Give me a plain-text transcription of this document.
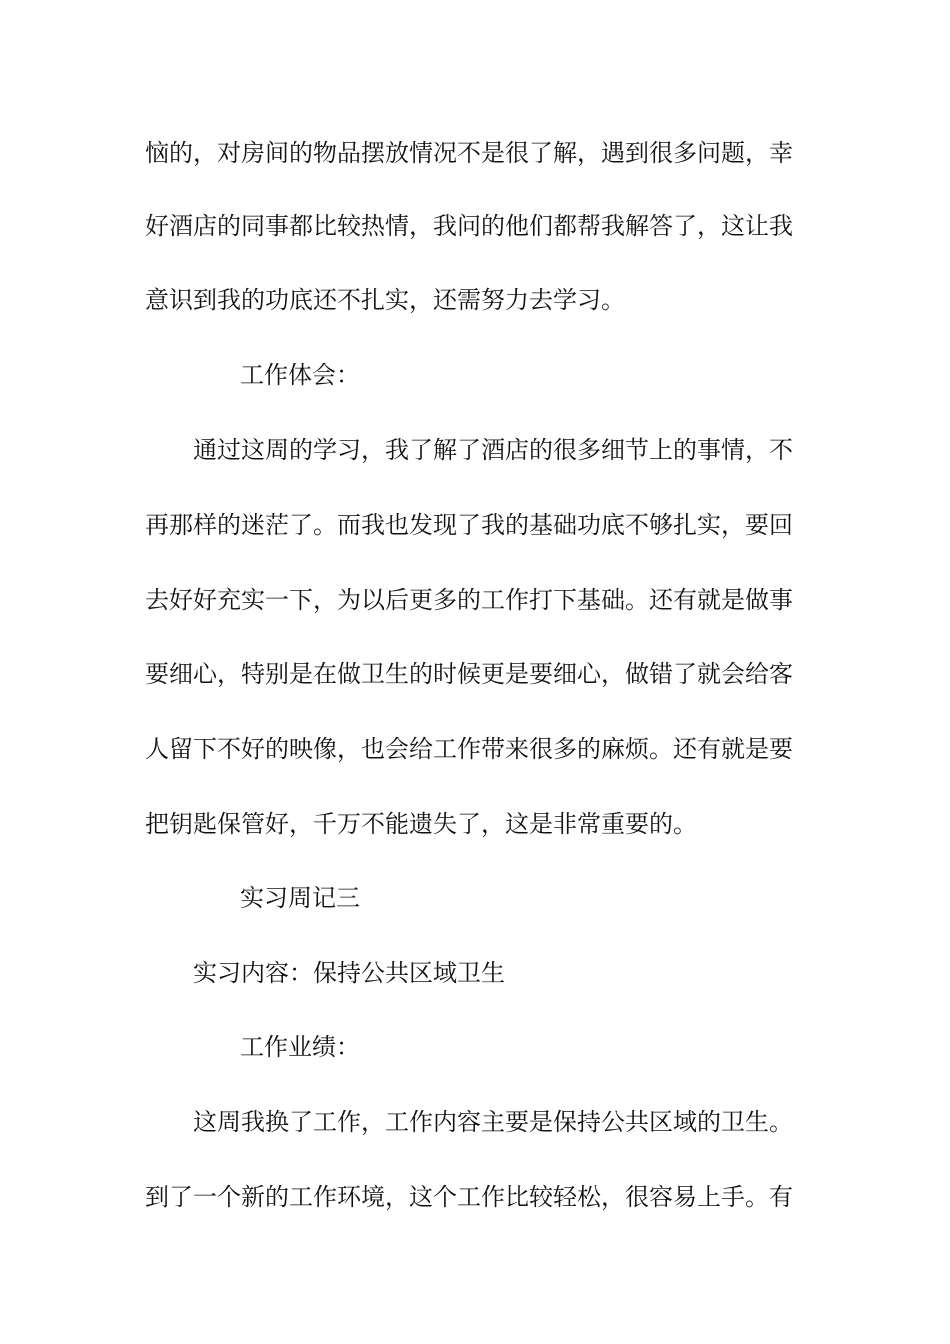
恼的，对房间的物品摆放情况不是很了解，遇到很多问题，幸
好酒店的同事都比较热情，我问的他们都帮我解答了，这让我
意识到我的功底还不扎实，还需努力去学习。
工作体会：
通过这周的学习，我了解了酒店的很多细节上的事情，不
再那样的迷茫了。而我也发现了我的基础功底不够扎实，要回
去好好充实一下，为以后更多的工作打下基础。还有就是做事
要细心，特别是在做卫生的时候更是要细心，做错了就会给客
人留下不好的映像，也会给工作带来很多的麻烦。还有就是要
把钥匙保管好，千万不能遗失了，这是非常重要的。
实习周记三
实习内容：保持公共区域卫生
工作业绩：
这周我换了工作，工作内容主要是保持公共区域的卫生。
到了一个新的工作环境，这个工作比较轻松，很容易上手。有
